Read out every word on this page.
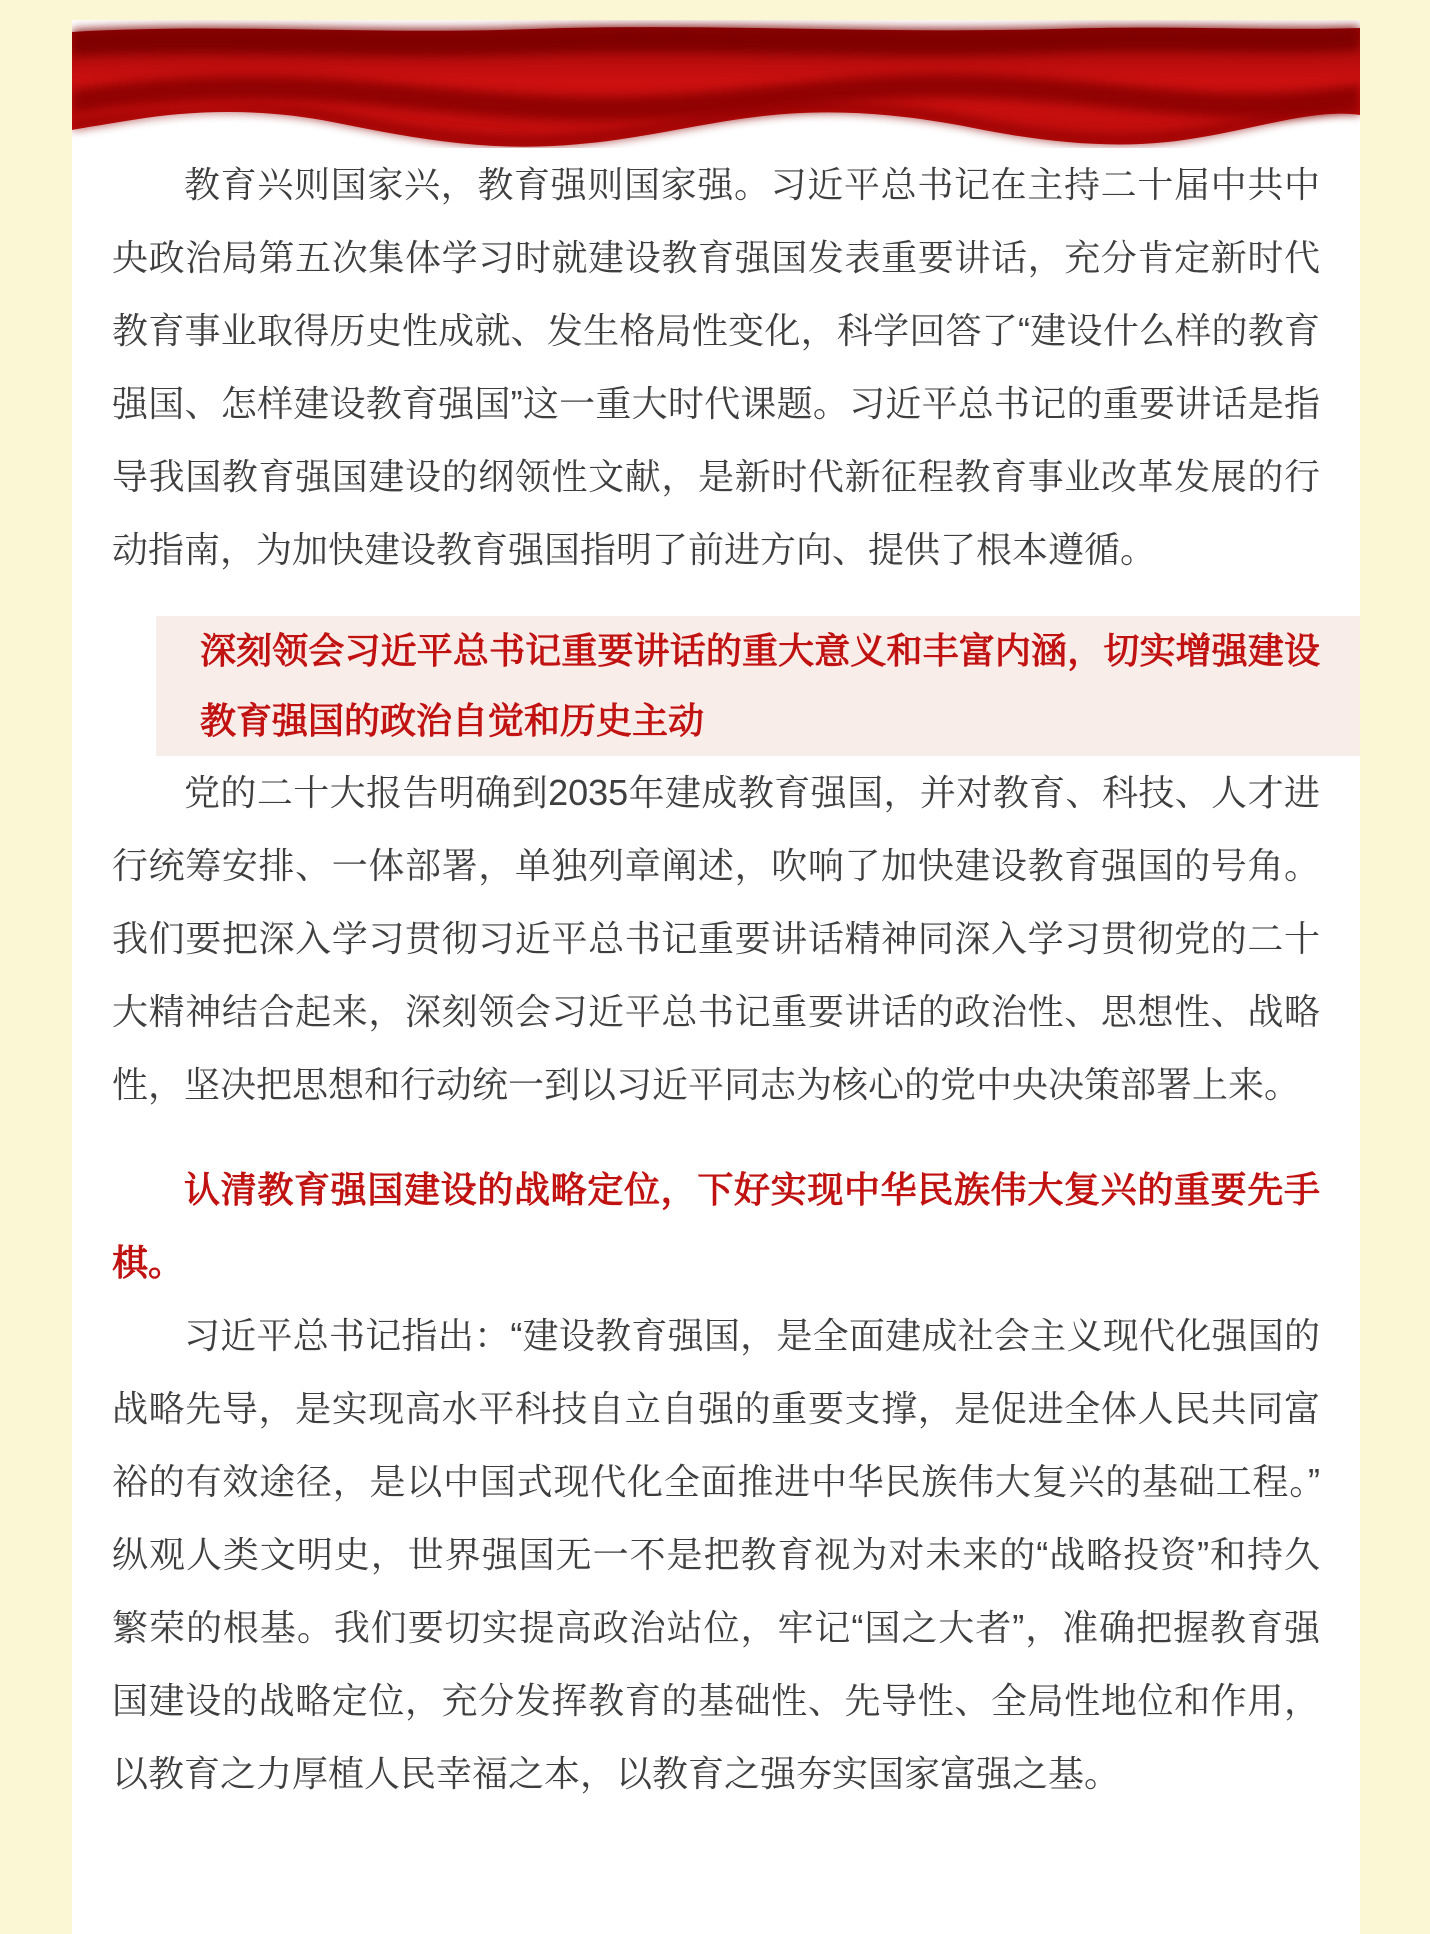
教育兴则国家兴，教育强则国家强。习近平总书记在主持二十届中共中央政治局第五次集体学习时就建设教育强国发表重要讲话，充分肯定新时代教育事业取得历史性成就、发生格局性变化，科学回答了“建设什么样的教育强国、怎样建设教育强国”这一重大时代课题。习近平总书记的重要讲话是指导我国教育强国建设的纲领性文献，是新时代新征程教育事业改革发展的行动指南，为加快建设教育强国指明了前进方向、提供了根本遵循。

深刻领会习近平总书记重要讲话的重大意义和丰富内涵，切实增强建设教育强国的政治自觉和历史主动

党的二十大报告明确到2035年建成教育强国，并对教育、科技、人才进行统筹安排、一体部署，单独列章阐述，吹响了加快建设教育强国的号角。我们要把深入学习贯彻习近平总书记重要讲话精神同深入学习贯彻党的二十大精神结合起来，深刻领会习近平总书记重要讲话的政治性、思想性、战略性，坚决把思想和行动统一到以习近平同志为核心的党中央决策部署上来。

认清教育强国建设的战略定位，下好实现中华民族伟大复兴的重要先手棋。

习近平总书记指出：“建设教育强国，是全面建成社会主义现代化强国的战略先导，是实现高水平科技自立自强的重要支撑，是促进全体人民共同富裕的有效途径，是以中国式现代化全面推进中华民族伟大复兴的基础工程。”纵观人类文明史，世界强国无一不是把教育视为对未来的“战略投资”和持久繁荣的根基。我们要切实提高政治站位，牢记“国之大者”，准确把握教育强国建设的战略定位，充分发挥教育的基础性、先导性、全局性地位和作用，以教育之力厚植人民幸福之本，以教育之强夯实国家富强之基。
